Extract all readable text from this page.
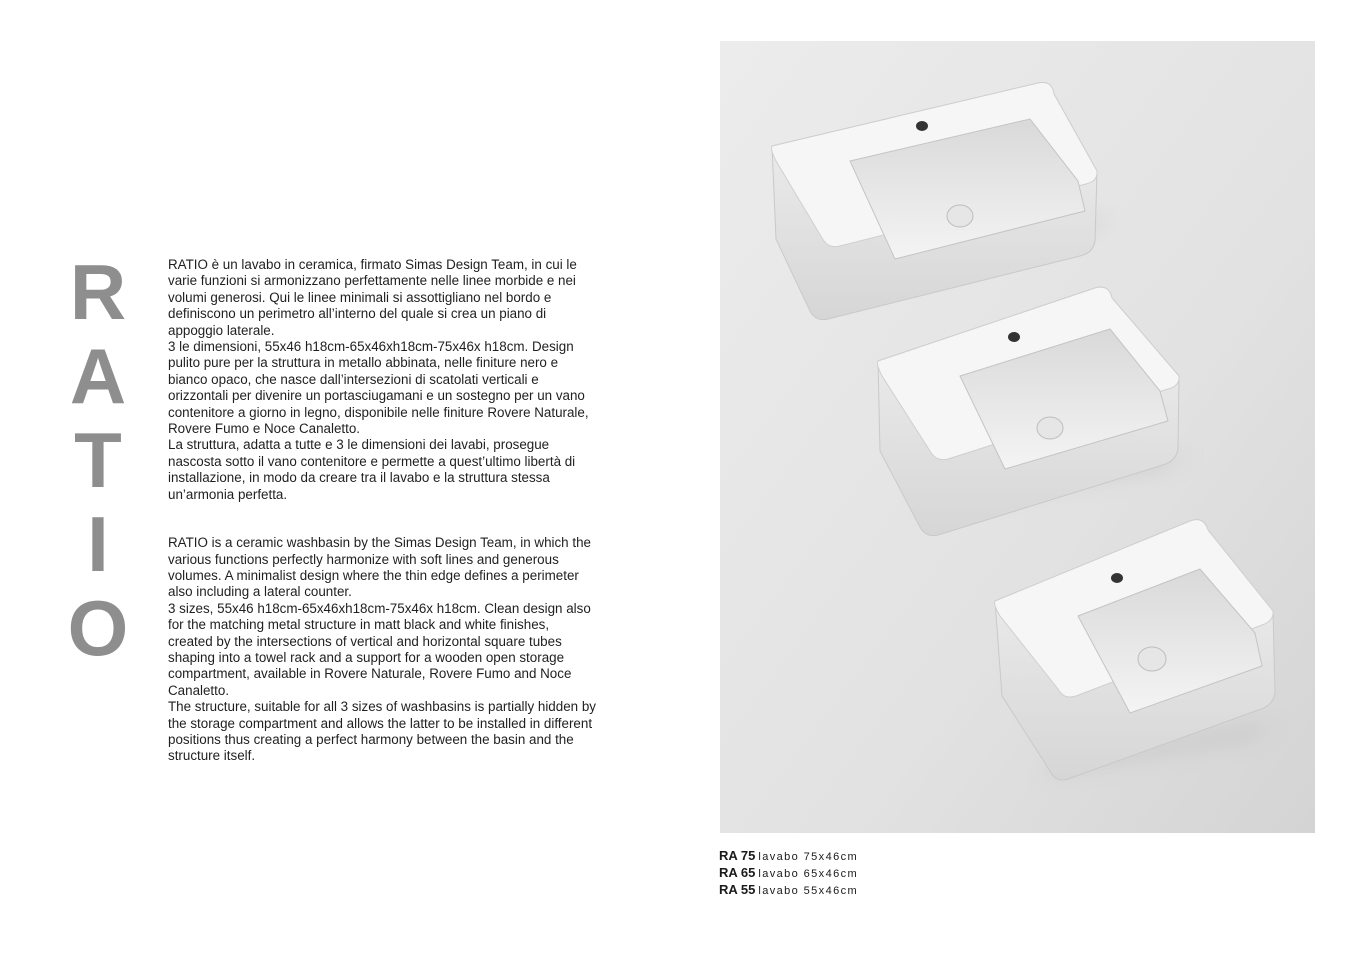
R
A
T
I
O

RATIO è un lavabo in ceramica, firmato Simas Design Team, in cui le varie funzioni si armonizzano perfettamente nelle linee morbide e nei volumi generosi. Qui le linee minimali si assottigliano nel bordo e definiscono un perimetro all’interno del quale si crea un piano di appoggio laterale.

3 le dimensioni, 55x46 h18cm-65x46xh18cm-75x46x h18cm. Design pulito pure per la struttura in metallo abbinata, nelle finiture nero e bianco opaco, che nasce dall’intersezioni di scatolati verticali e orizzontali per divenire un portasciugamani e un sostegno per un vano contenitore a giorno in legno, disponibile nelle finiture Rovere Naturale, Rovere Fumo e Noce Canaletto.

La struttura, adatta a tutte e 3 le dimensioni dei lavabi, prosegue nascosta sotto il vano contenitore e permette a quest’ultimo libertà di installazione, in modo da creare tra il lavabo e la struttura stessa un’armonia perfetta.

RATIO is a ceramic washbasin by the Simas Design Team, in which the various functions perfectly harmonize with soft lines and generous volumes. A minimalist design where the thin edge defines a perimeter also including a lateral counter.

3 sizes, 55x46 h18cm-65x46xh18cm-75x46x h18cm. Clean design also for the matching metal structure in matt black and white finishes, created by the intersections of vertical and horizontal square tubes shaping into a towel rack and a support for a wooden open storage compartment, available in Rovere Naturale, Rovere Fumo and Noce Canaletto.

The structure, suitable for all 3 sizes of washbasins is partially hidden by the storage compartment and allows the latter to be installed in different positions thus creating a perfect harmony between the basin and the structure itself.

RA 75 lavabo 75x46cm
RA 65 lavabo 65x46cm
RA 55 lavabo 55x46cm
